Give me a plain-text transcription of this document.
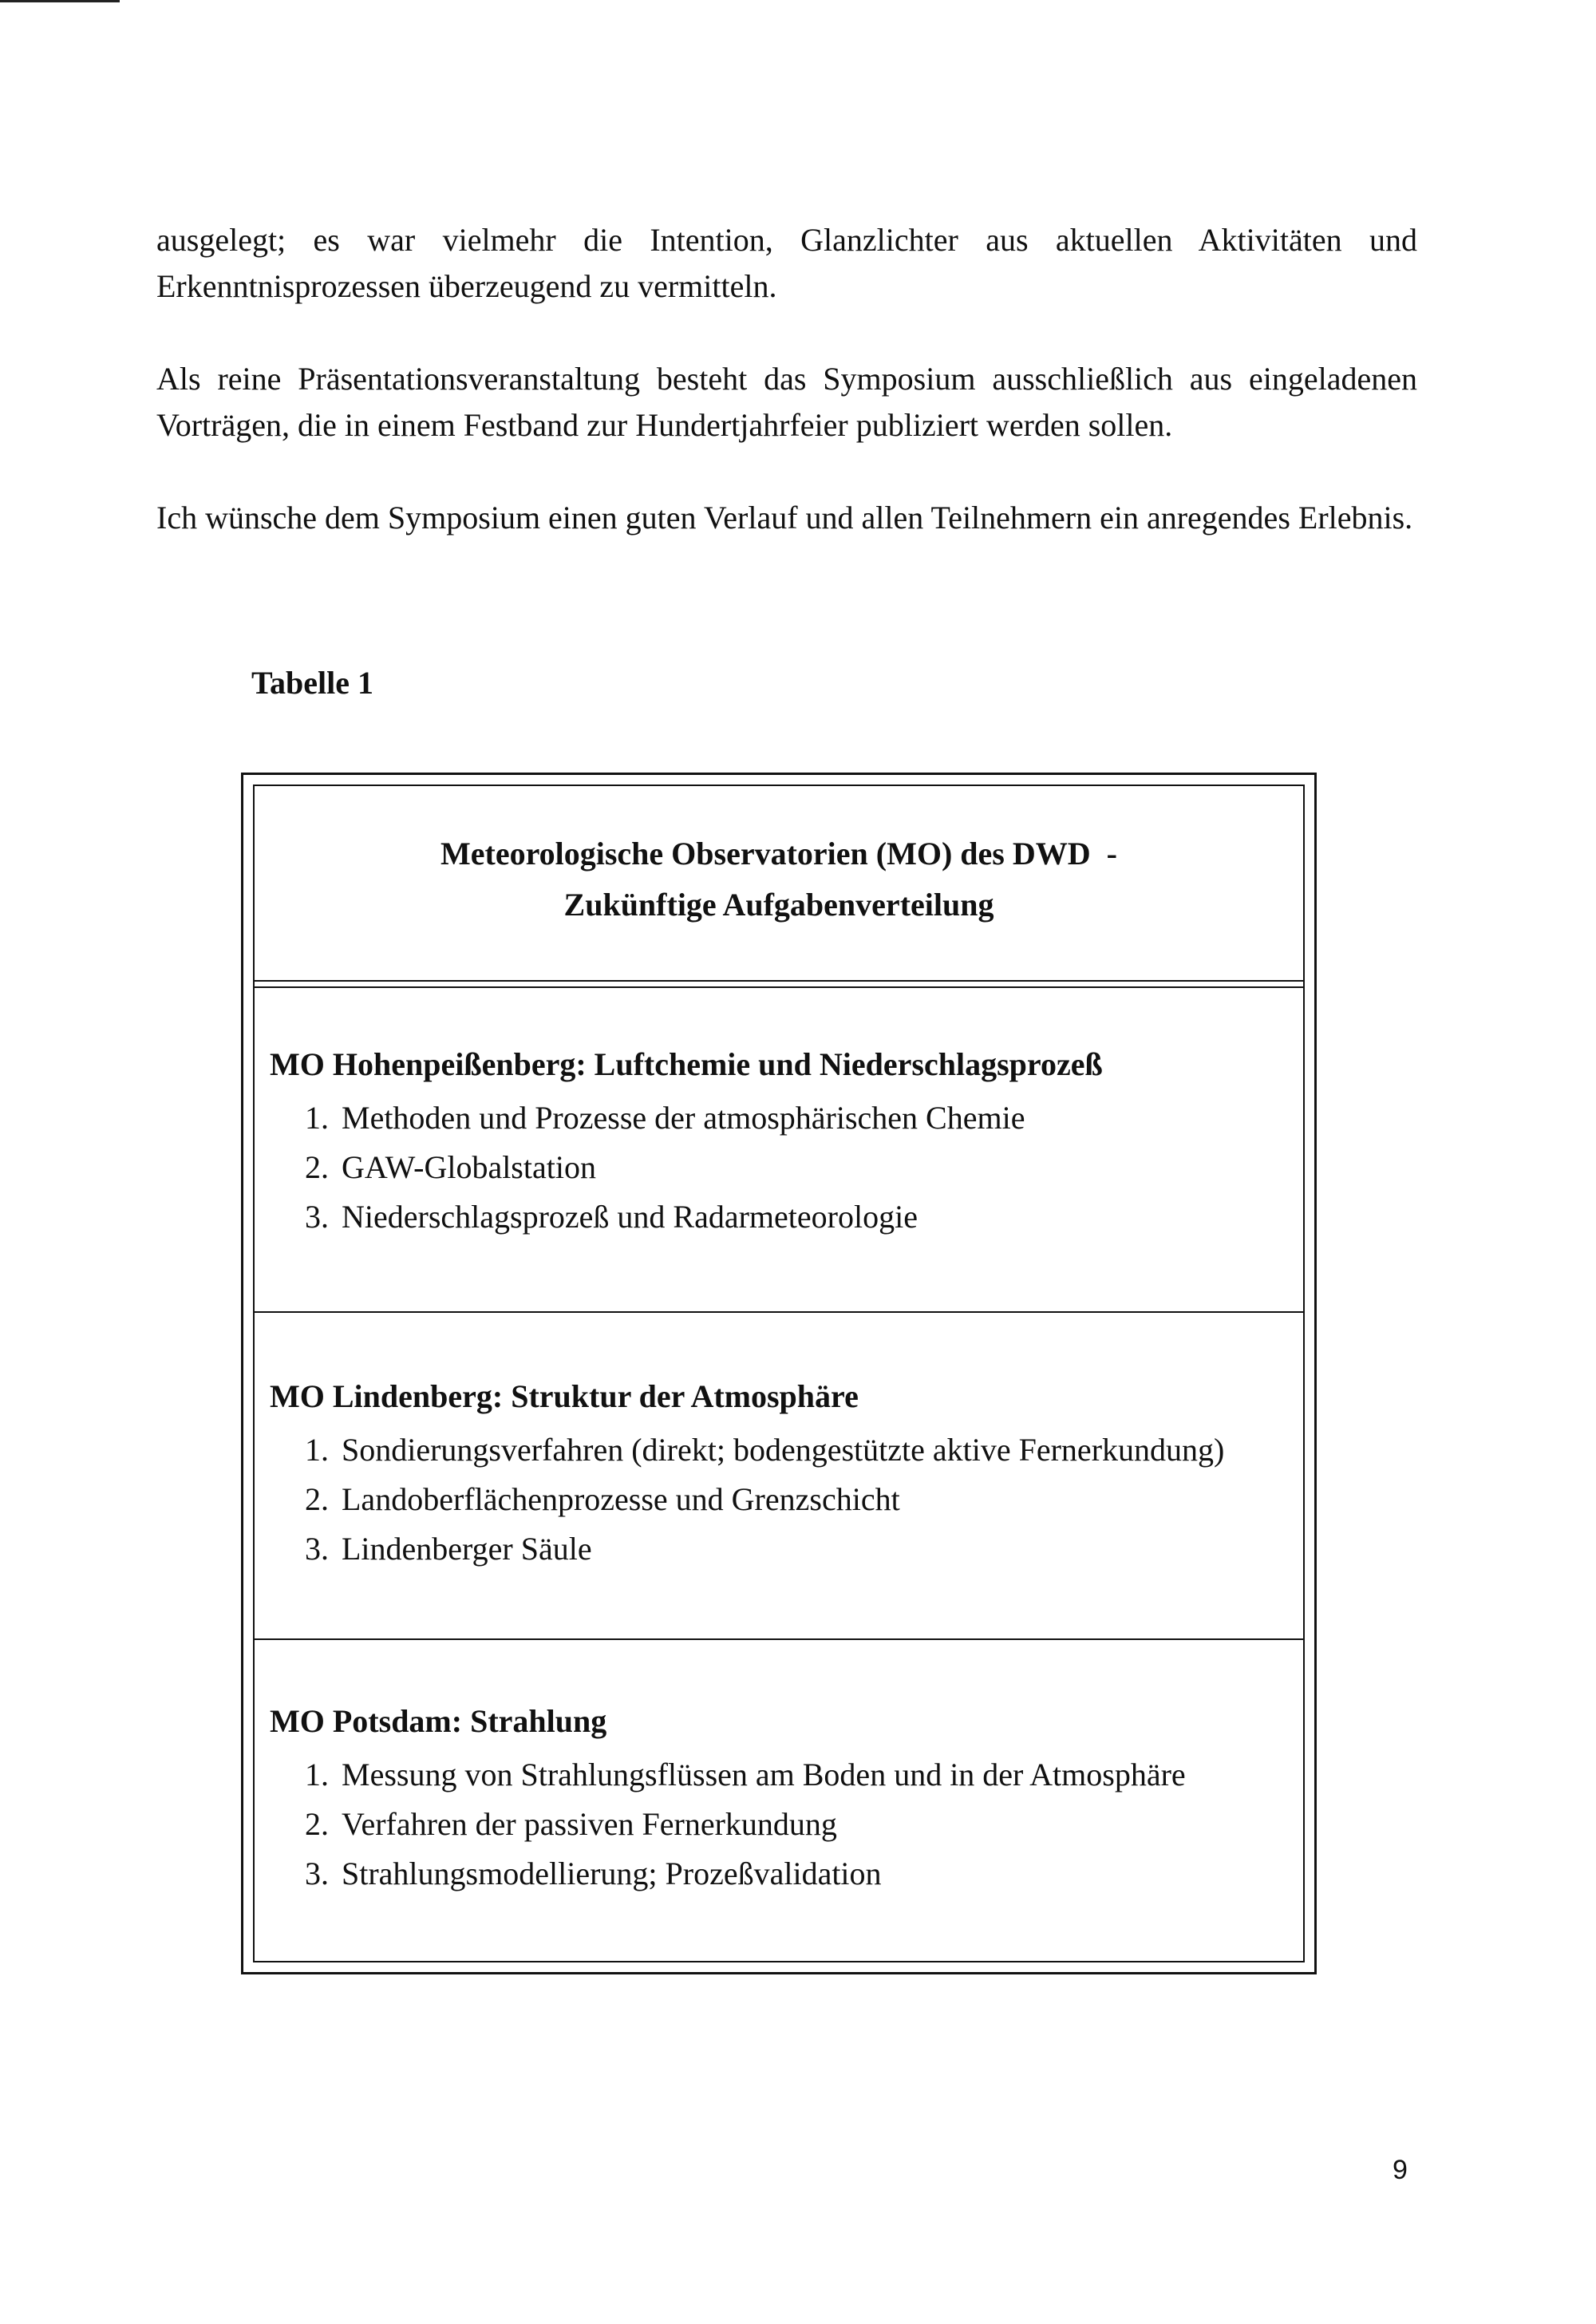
ausgelegt; es war vielmehr die Intention, Glanzlichter aus aktuellen Aktivitäten und Erkenntnisprozessen überzeugend zu vermitteln.

Als reine Präsentationsveranstaltung besteht das Symposium ausschließlich aus eingeladenen Vorträgen, die in einem Festband zur Hundertjahrfeier publiziert werden sollen.

Ich wünsche dem Symposium einen guten Verlauf und allen Teilnehmern ein anregendes Erlebnis.

Tabelle 1

Meteorologische Observatorien (MO) des DWD  -
Zukünftige Aufgabenverteilung

MO Hohenpeißenberg: Luftchemie und Niederschlagsprozeß

1. Methoden und Prozesse der atmosphärischen Chemie
2. GAW-Globalstation
3. Niederschlagsprozeß und Radarmeteorologie

MO Lindenberg: Struktur der Atmosphäre

1. Sondierungsverfahren (direkt; bodengestützte aktive Fernerkundung)
2. Landoberflächenprozesse und Grenzschicht
3. Lindenberger Säule

MO Potsdam: Strahlung

1. Messung von Strahlungsflüssen am Boden und in der Atmosphäre
2. Verfahren der passiven Fernerkundung
3. Strahlungsmodellierung; Prozeßvalidation
9
